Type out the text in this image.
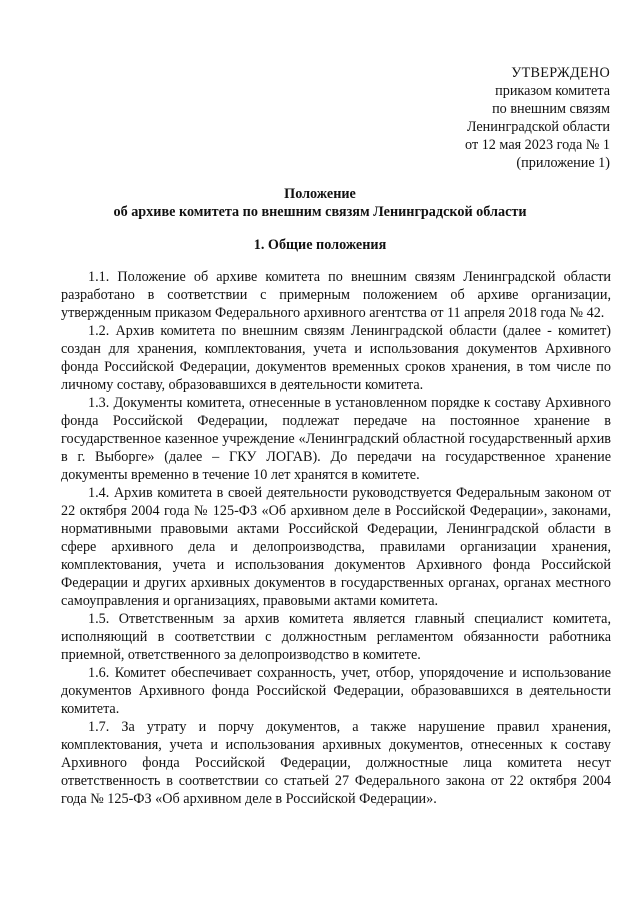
УТВЕРЖДЕНО
приказом комитета
по внешним связям
Ленинградской области
от 12 мая 2023 года № 1
(приложение 1)
Положение
об архиве комитета по внешним связям Ленинградской области
1. Общие положения

1.1. Положение об архиве комитета по внешним связям Ленинградской области разработано в соответствии с примерным положением об архиве организации, утвержденным приказом Федерального архивного агентства от 11 апреля 2018 года № 42.

1.2. Архив комитета по внешним связям Ленинградской области (далее - комитет) создан для хранения, комплектования, учета и использования документов Архивного фонда Российской Федерации, документов временных сроков хранения, в том числе по личному составу, образовавшихся в деятельности комитета.

1.3. Документы комитета, отнесенные в установленном порядке к составу Архивного фонда Российской Федерации, подлежат передаче на постоянное хранение в государственное казенное учреждение «Ленинградский областной государственный архив в г. Выборге» (далее – ГКУ ЛОГАВ). До передачи на государственное хранение документы временно в течение 10 лет хранятся в комитете.

1.4. Архив комитета в своей деятельности руководствуется Федеральным законом от 22 октября 2004 года № 125-ФЗ «Об архивном деле в Российской Федерации», законами, нормативными правовыми актами Российской Федерации, Ленинградской области в сфере архивного дела и делопроизводства, правилами организации хранения, комплектования, учета и использования документов Архивного фонда Российской Федерации и других архивных документов в государственных органах, органах местного самоуправления и организациях, правовыми актами комитета.

1.5. Ответственным за архив комитета является главный специалист комитета, исполняющий в соответствии с должностным регламентом обязанности работника приемной, ответственного за делопроизводство в комитете.

1.6. Комитет обеспечивает сохранность, учет, отбор, упорядочение и использование документов Архивного фонда Российской Федерации, образовавшихся в деятельности комитета.

1.7. За утрату и порчу документов, а также нарушение правил хранения, комплектования, учета и использования архивных документов, отнесенных к составу Архивного фонда Российской Федерации, должностные лица комитета несут ответственность в соответствии со статьей 27 Федерального закона от 22 октября 2004 года № 125-ФЗ «Об архивном деле в Российской Федерации».
